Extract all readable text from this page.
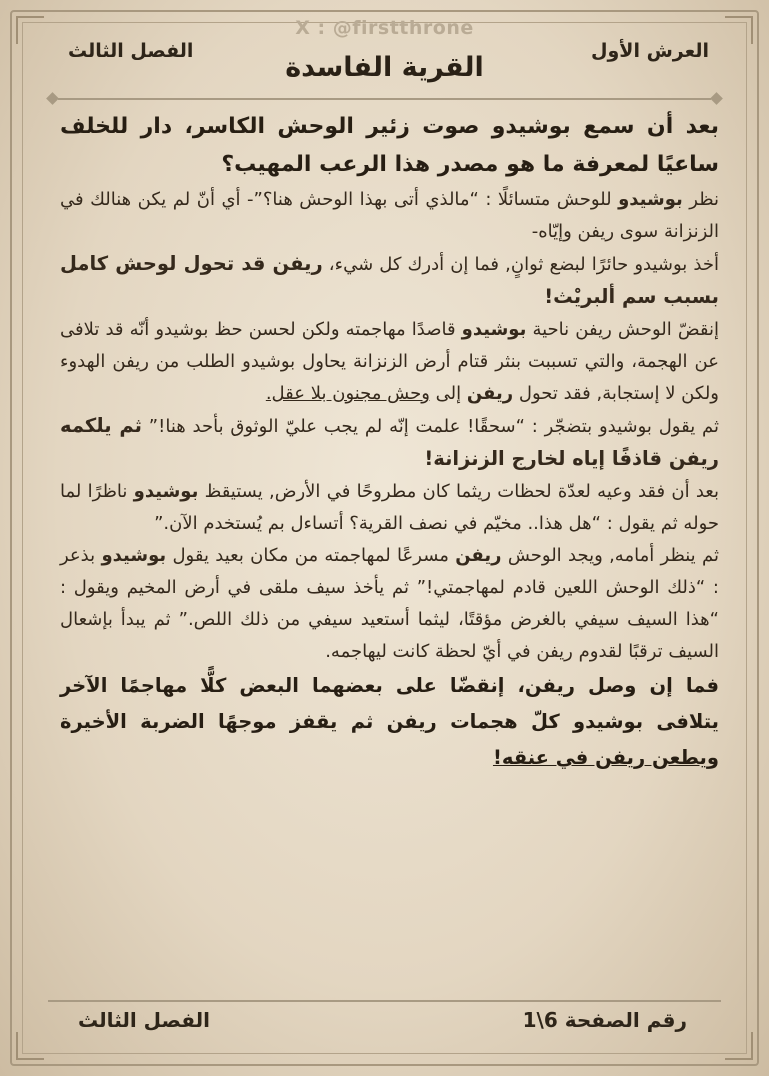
X : @firstthrone
العرش الأول
الفصل الثالث
القرية الفاسدة

بعد أن سمع بوشيدو صوت زئير الوحش الكاسر، دار للخلف ساعيًا لمعرفة ما هو مصدر هذا الرعب المهيب؟

نظر بوشيدو للوحش متسائلًا : “مالذي أتى بهذا الوحش هنا؟”- أي أنّ لم يكن هنالك في الزنزانة سوى ريفن وإيّاه-

أخذ بوشيدو حائرًا لبضع ثوانٍ, فما إن أدرك كل شيء، ريفن قد تحول لوحش كامل بسبب سم ألبريْث!

إنقضّ الوحش ريفن ناحية بوشيدو قاصدًا مهاجمته ولكن لحسن حظ بوشيدو أنّه قد تلافى عن الهجمة، والتي تسببت بنثر قتام أرض الزنزانة يحاول بوشيدو الطلب من ريفن الهدوء ولكن لا إستجابة, فقد تحول ريفن إلى وحش مجنون بلا عقل.

ثم يقول بوشيدو بتضجّر : “سحقًا! علمت إنّه لم يجب عليّ الوثوق بأحد هنا!” ثم يلكمه ريفن قاذفًا إياه لخارج الزنزانة!

بعد أن فقد وعيه لعدّة لحظات ريثما كان مطروحًا في الأرض, يستيقظ بوشيدو ناظرًا لما حوله ثم يقول : “هل هذا.. مخيّم في نصف القرية؟ أتساءل بم يُستخدم الآن.”

ثم ينظر أمامه, ويجد الوحش ريفن مسرعًا لمهاجمته من مكان بعيد يقول بوشيدو بذعر : “ذلك الوحش اللعين قادم لمهاجمتي!” ثم يأخذ سيف ملقى في أرض المخيم ويقول : “هذا السيف سيفي بالغرض مؤقتًا، ليثما أستعيد سيفي من ذلك اللص.” ثم يبدأ بإشعال السيف ترقبًا لقدوم ريفن في أيّ لحظة كانت ليهاجمه.

فما إن وصل ريفن، إنقضّا على بعضهما البعض كلًّا مهاجمًا الآخر يتلافى بوشيدو كلّ هجمات ريفن ثم يقفز موجهًا الضربة الأخيرة ويطعن ريفن في عنقه!

رقم الصفحة 6\1
الفصل الثالث
